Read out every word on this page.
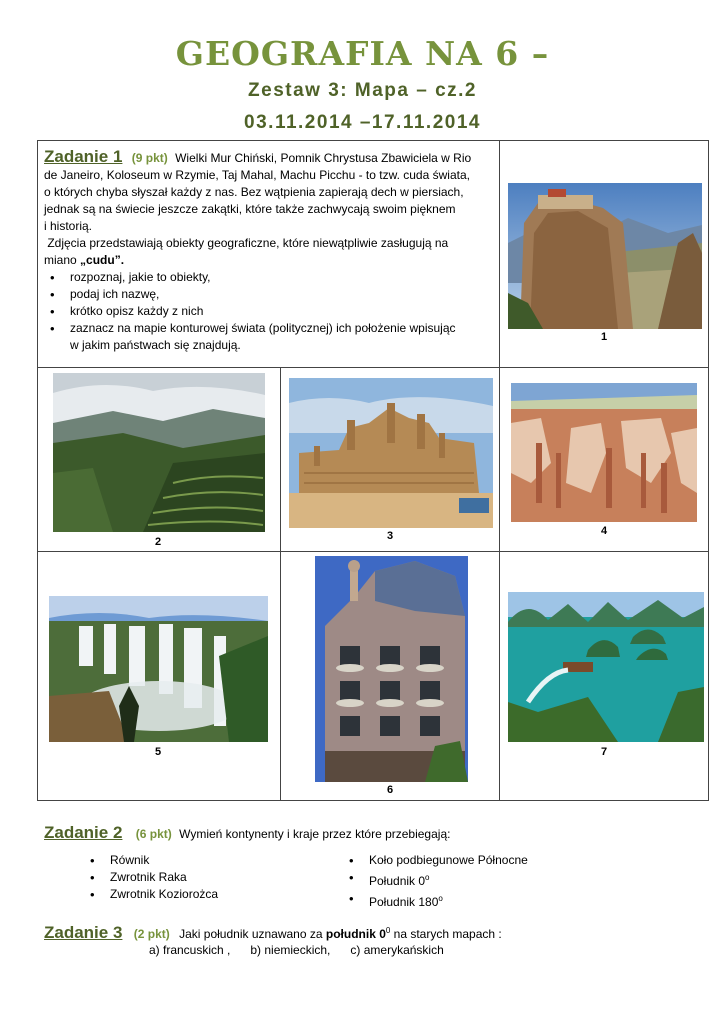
GEOGRAFIA NA 6 –
Zestaw 3: Mapa – cz.2
03.11.2014 –17.11.2014
Zadanie 1 (9 pkt) Wielki Mur Chiński, Pomnik Chrystusa Zbawiciela w Rio
de Janeiro, Koloseum w Rzymie, Taj Mahal, Machu Picchu - to tzw. cuda świata,
o których chyba słyszał każdy z nas. Bez wątpienia zapierają dech w piersiach,
jednak są na świecie jeszcze zakątki, które także zachwycają swoim pięknem
i historią.
Zdjęcia przedstawiają obiekty geograficzne, które niewątpliwie zasługują na
miano „cudu”.
• rozpoznaj, jakie to obiekty,
• podaj ich nazwę,
• krótko opisz każdy z nich
• zaznacz na mapie konturowej świata (politycznej) ich położenie wpisując
w jakim państwach się znajdują.
1
2	3	4
5
6
7
Zadanie 2 (6 pkt) Wymień kontynenty i kraje przez które przebiegają:
• Równik
• Zwrotnik Raka
• Zwrotnik Koziorożca
• Koło podbiegunowe Północne
• Południk 0$^o$
• Południk 180$^o$
Zadanie 3 (2 pkt) Jaki południk uznawano za południk $0^0$ na starych mapach :
a) francuskich ,      b) niemieckich,      c) amerykańskich
